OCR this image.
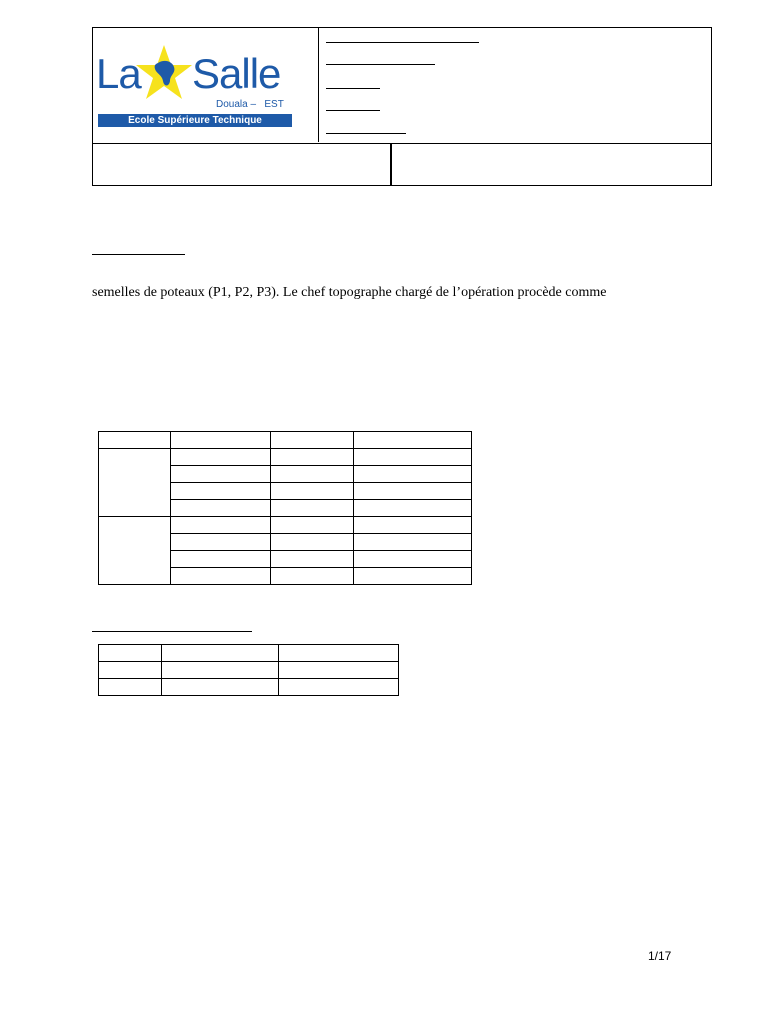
La Salle
Douala –   EST
Ecole Supérieure Technique
semelles de poteaux (P1, P2, P3). Le chef topographe chargé de l’opération procède comme

1/17
